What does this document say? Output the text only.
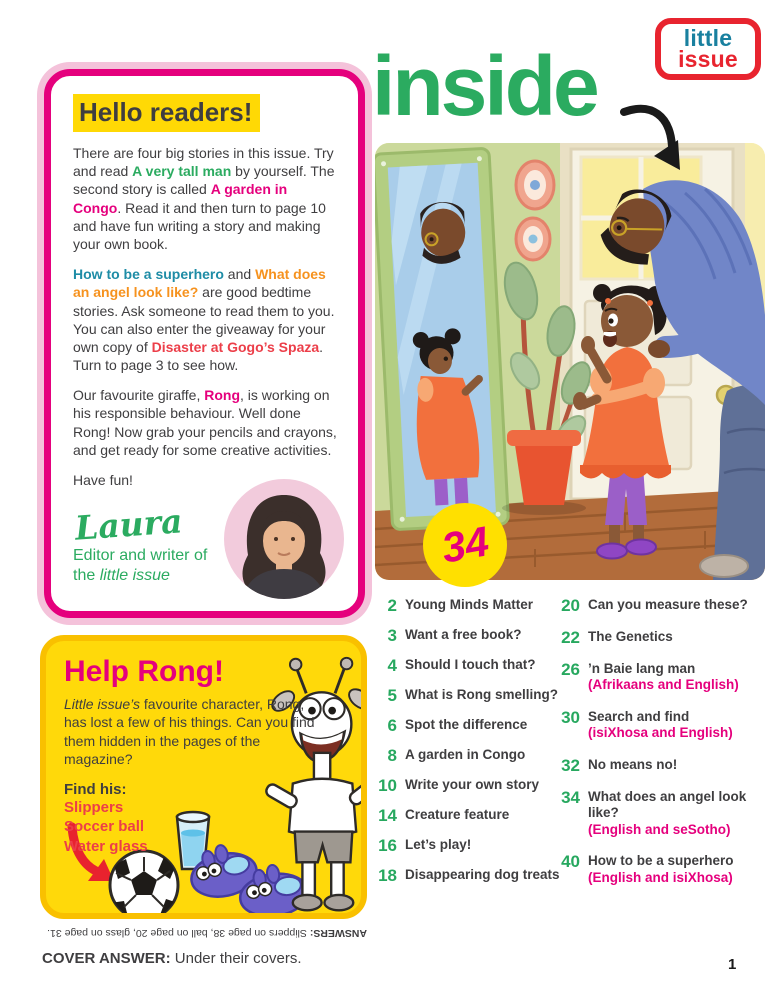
little
issue
inside
34
Hello readers!

There are four big stories in this issue. Try and read A very tall man by yourself. The second story is called A garden in Congo. Read it and then turn to page 10 and have fun writing a story and making your own book.

How to be a superhero and What does an angel look like? are good bedtime stories. Ask someone to read them to you. You can also enter the giveaway for your own copy of Disaster at Gogo’s Spaza. Turn to page 3 to see how.

Our favourite giraffe, Rong, is working on his responsible behaviour. Well done Rong! Now grab your pencils and crayons, and get ready for some creative activities.

Have fun!

Laura
Editor and writer of the little issue
Help Rong!
Little issue’s favourite character, Rong, has lost a few of his things. Can you find them hidden in the pages of the magazine?
Find his:
Slippers
Soccer ball
Water glass
2 Young Minds Matter
3 Want a free book?
4 Should I touch that?
5 What is Rong smelling?
6 Spot the difference
8 A garden in Congo
10 Write your own story
14 Creature feature
16 Let’s play!
18 Disappearing dog treats
20 Can you measure these?
22 The Genetics
26 ’n Baie lang man
(Afrikaans and English)
30 Search and find
(isiXhosa and English)
32 No means no!
34 What does an angel look like?
(English and seSotho)
40 How to be a superhero
(English and isiXhosa)
ANSWERS: Slippers on page 38, ball on page 20, glass on page 31.
COVER ANSWER: Under their covers.	1
